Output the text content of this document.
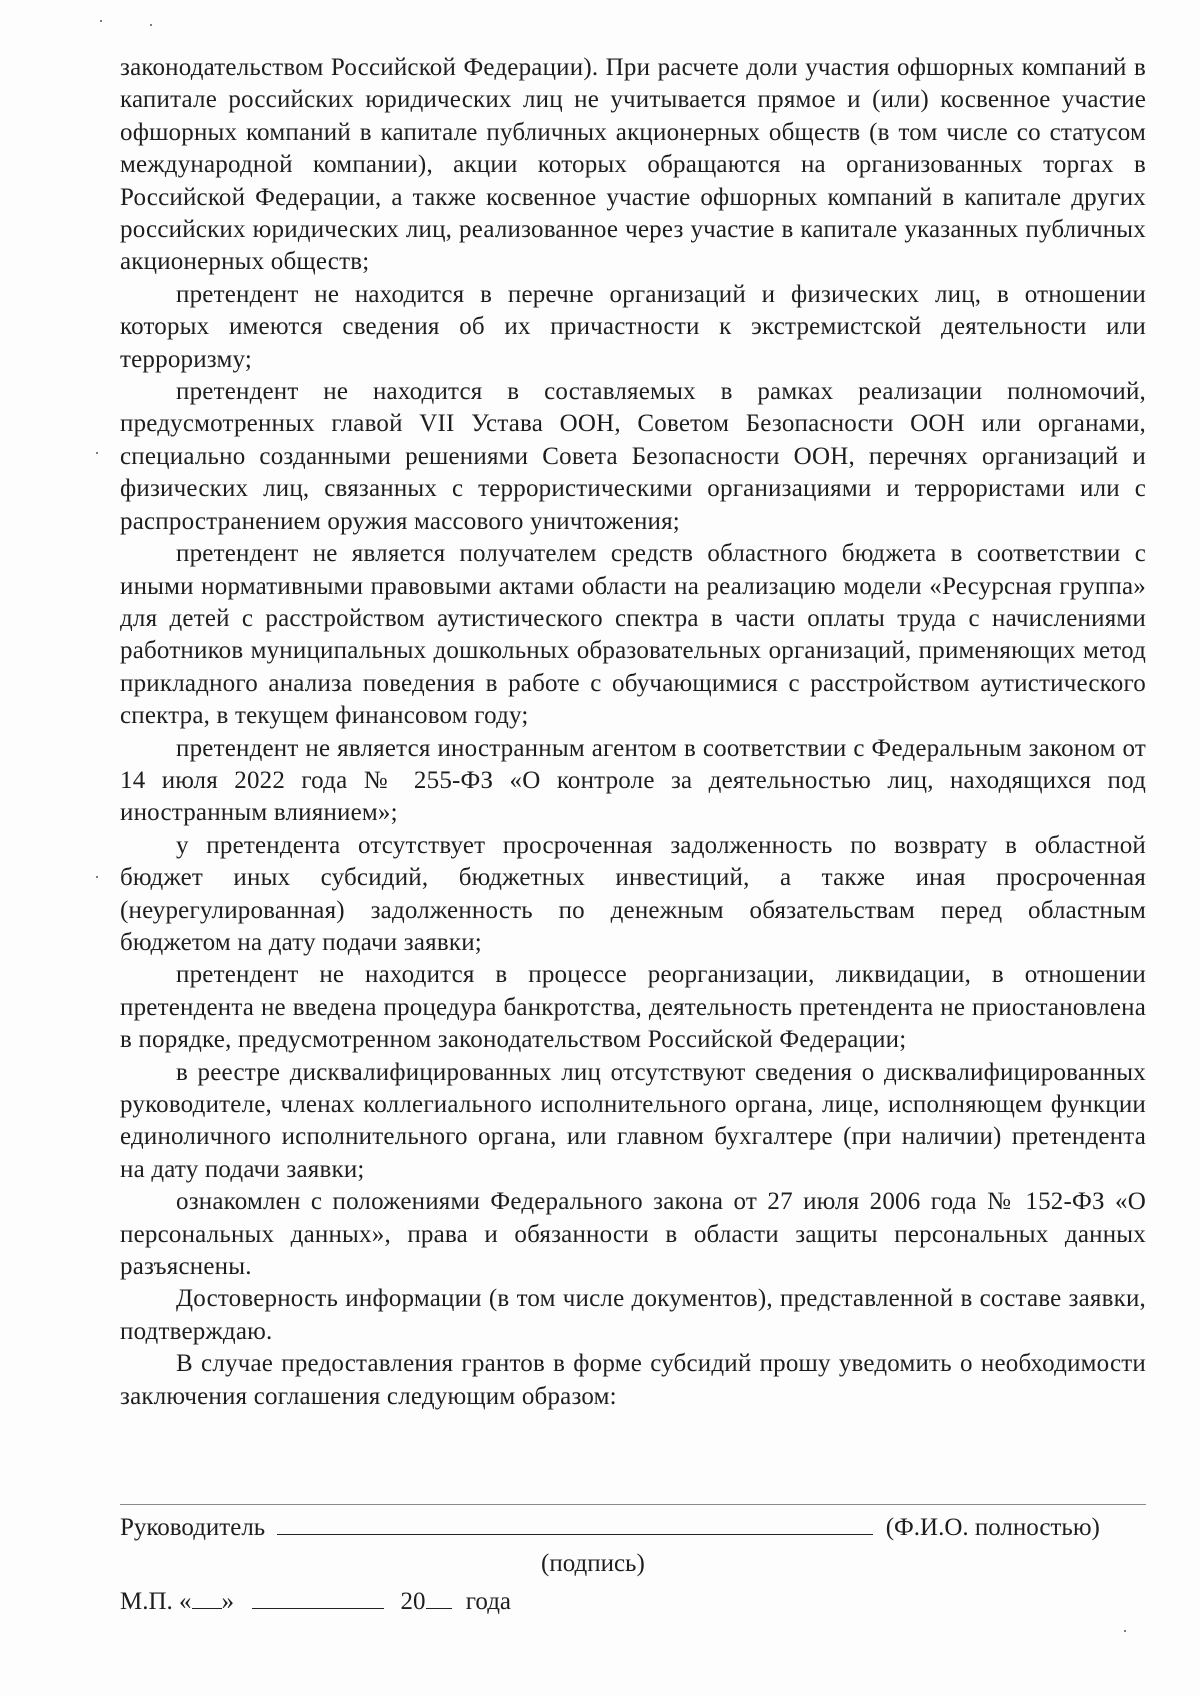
законодательством Российской Федерации). При расчете доли участия офшорных компаний в капитале российских юридических лиц не учитывается прямое и (или) косвенное участие офшорных компаний в капитале публичных акционерных обществ (в том числе со статусом международной компании), акции которых обращаются на организованных торгах в Российской Федерации, а также косвенное участие офшорных компаний в капитале других российских юридических лиц, реализованное через участие в капитале указанных публичных акционерных обществ;

претендент не находится в перечне организаций и физических лиц, в отношении которых имеются сведения об их причастности к экстремистской деятельности или терроризму;

претендент не находится в составляемых в рамках реализации полномочий, предусмотренных главой VII Устава ООН, Советом Безопасности ООН или органами, специально созданными решениями Совета Безопасности ООН, перечнях организаций и физических лиц, связанных с террористическими организациями и террористами или с распространением оружия массового уничтожения;

претендент не является получателем средств областного бюджета в соответствии с иными нормативными правовыми актами области на реализацию модели «Ресурсная группа» для детей с расстройством аутистического спектра в части оплаты труда с начислениями работников муниципальных дошкольных образовательных организаций, применяющих метод прикладного анализа поведения в работе с обучающимися с расстройством аутистического спектра, в текущем финансовом году;

претендент не является иностранным агентом в соответствии с Федеральным законом от 14 июля 2022 года № 255-ФЗ «О контроле за деятельностью лиц, находящихся под иностранным влиянием»;

у претендента отсутствует просроченная задолженность по возврату в областной бюджет иных субсидий, бюджетных инвестиций, а также иная просроченная (неурегулированная) задолженность по денежным обязательствам перед областным бюджетом на дату подачи заявки;

претендент не находится в процессе реорганизации, ликвидации, в отношении претендента не введена процедура банкротства, деятельность претендента не приостановлена в порядке, предусмотренном законодательством Российской Федерации;

в реестре дисквалифицированных лиц отсутствуют сведения о дисквалифицированных руководителе, членах коллегиального исполнительного органа, лице, исполняющем функции единоличного исполнительного органа, или главном бухгалтере (при наличии) претендента на дату подачи заявки;

ознакомлен с положениями Федерального закона от 27 июля 2006 года № 152-ФЗ «О персональных данных», права и обязанности в области защиты персональных данных разъяснены.

Достоверность информации (в том числе документов), представленной в составе заявки, подтверждаю.

В случае предоставления грантов в форме субсидий прошу уведомить о необходимости заключения соглашения следующим образом:

Руководитель	(Ф.И.О. полностью)
(подпись)
М.П. « »	20 года
